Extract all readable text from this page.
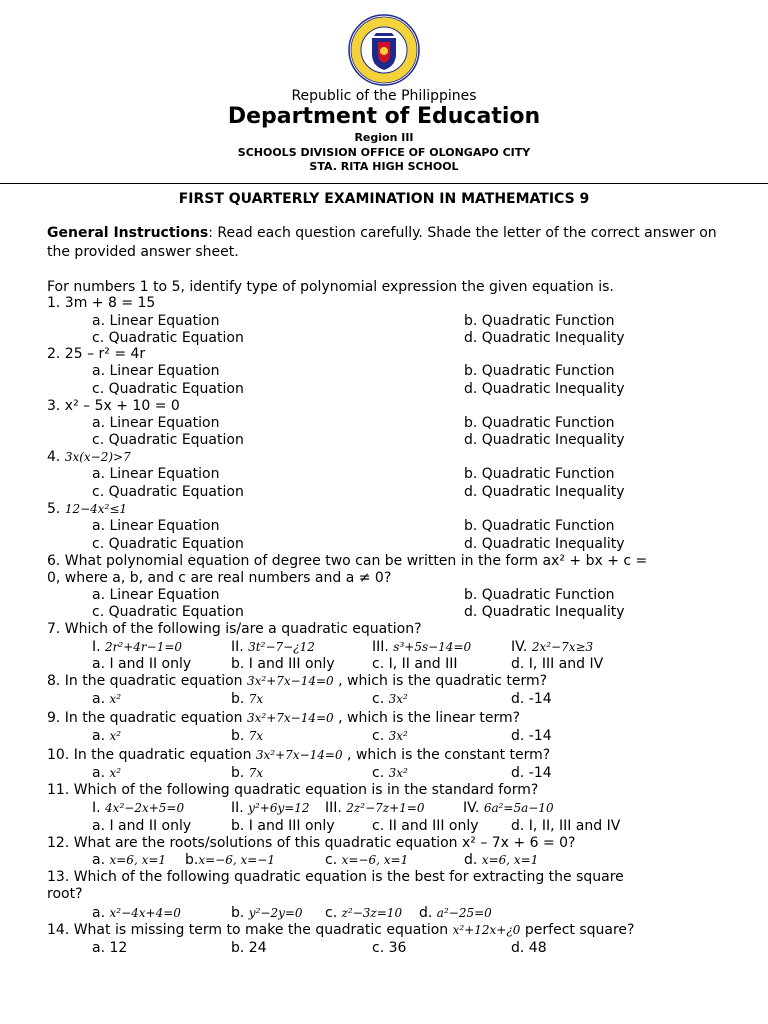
Republic of the Philippines
Department of Education
Region III
SCHOOLS DIVISION OFFICE OF OLONGAPO CITY
STA. RITA HIGH SCHOOL
FIRST QUARTERLY EXAMINATION IN MATHEMATICS 9
General Instructions: Read each question carefully. Shade the letter of the correct answer on the provided answer sheet.
For numbers 1 to 5, identify type of polynomial expression the given equation is.
1. 3m + 8 = 15
a. Linear Equation	b. Quadratic Function
c. Quadratic Equation	d. Quadratic Inequality
2. 25 – r² = 4r
a. Linear Equation	b. Quadratic Function
c. Quadratic Equation	d. Quadratic Inequality
3. x² – 5x + 10 = 0
a. Linear Equation	b. Quadratic Function
c. Quadratic Equation	d. Quadratic Inequality
4. 3x(x−2)>7
a. Linear Equation	b. Quadratic Function
c. Quadratic Equation	d. Quadratic Inequality
5. 12−4x²≤1
a. Linear Equation	b. Quadratic Function
c. Quadratic Equation	d. Quadratic Inequality
6. What polynomial equation of degree two can be written in the form ax² + bx + c =
0, where a, b, and c are real numbers and a ≠ 0?
a. Linear Equation	b. Quadratic Function
c. Quadratic Equation	d. Quadratic Inequality
7. Which of the following is/are a quadratic equation?
I. 2r²+4r−1=0	II. 3t²−7−¿12	III. s³+5s−14=0	IV. 2x²−7x≥3
a. I and II only	b. I and III only	c. I, II and III	d. I, III and IV
8. In the quadratic equation 3x²+7x−14=0 , which is the quadratic term?
a. x²	b. 7x	c. 3x²	d. -14
9. In the quadratic equation 3x²+7x−14=0 , which is the linear term?
a. x²	b. 7x	c. 3x²	d. -14
10. In the quadratic equation 3x²+7x−14=0 , which is the constant term?
a. x²	b. 7x	c. 3x²	d. -14
11. Which of the following quadratic equation is in the standard form?
I. 4x²−2x+5=0	II. y²+6y=12 III. 2z²−7z+1=0	IV. 6a²=5a−10
a. I and II only	b. I and III only	c. II and III only d. I, II, III and IV
12. What are the roots/solutions of this quadratic equation x² – 7x + 6 = 0?
a. x=6, x=1 b.x=−6, x=−1	c. x=−6, x=1	d. x=6, x=1
13. Which of the following quadratic equation is the best for extracting the square
root?
a. x²−4x+4=0	b. y²−2y=0 c. z²−3z=10 d. a²−25=0
14. What is missing term to make the quadratic equation x²+12x+¿0 perfect square?
a. 12	b. 24	c. 36	d. 48
